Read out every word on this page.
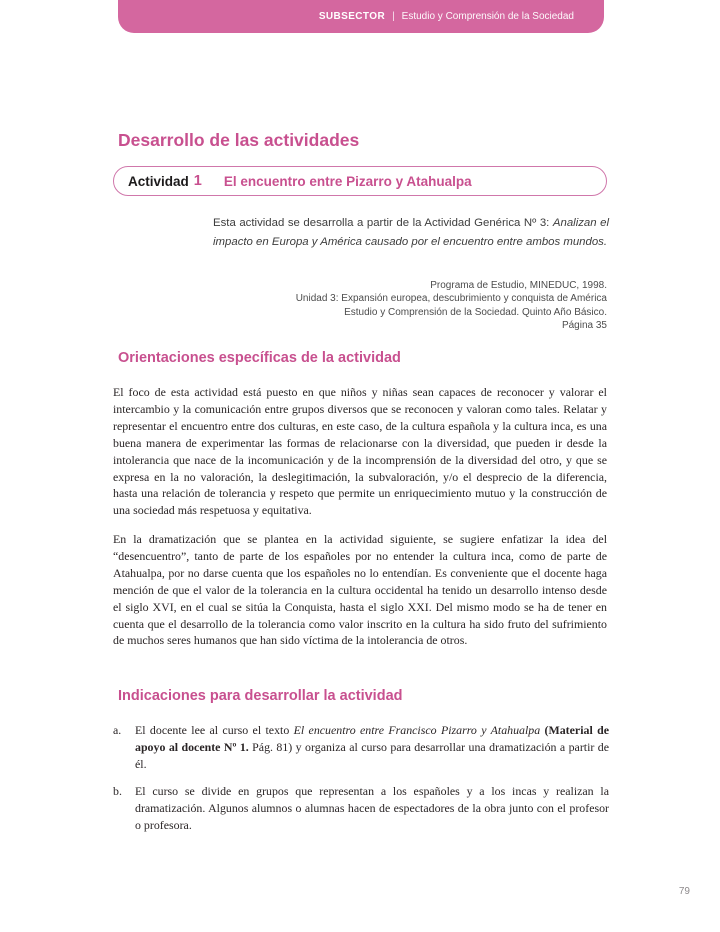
SUBSECTOR | Estudio y Comprensión de la Sociedad
Desarrollo de las actividades
Actividad 1 El encuentro entre Pizarro y Atahualpa
Esta actividad se desarrolla a partir de la Actividad Genérica Nº 3: Analizan el impacto en Europa y América causado por el encuentro entre ambos mundos.
Programa de Estudio, MINEDUC, 1998.
Unidad 3: Expansión europea, descubrimiento y conquista de América
Estudio y Comprensión de la Sociedad. Quinto Año Básico.
Página 35
Orientaciones específicas de la actividad
El foco de esta actividad está puesto en que niños y niñas sean capaces de reconocer y valorar el intercambio y la comunicación entre grupos diversos que se reconocen y valoran como tales. Relatar y representar el encuentro entre dos culturas, en este caso, de la cultura española y la cultura inca, es una buena manera de experimentar las formas de relacionarse con la diversidad, que pueden ir desde la intolerancia que nace de la incomunicación y de la incomprensión de la diversidad del otro, y que se expresa en la no valoración, la deslegitimación, la subvaloración, y/o el desprecio de la diferencia, hasta una relación de tolerancia y respeto que permite un enriquecimiento mutuo y la construcción de una sociedad más respetuosa y equitativa.
En la dramatización que se plantea en la actividad siguiente, se sugiere enfatizar la idea del “desencuentro”, tanto de parte de los españoles por no entender la cultura inca, como de parte de Atahualpa, por no darse cuenta que los españoles no lo entendían. Es conveniente que el docente haga mención de que el valor de la tolerancia en la cultura occidental ha tenido un desarrollo intenso desde el siglo XVI, en el cual se sitúa la Conquista, hasta el siglo XXI. Del mismo modo se ha de tener en cuenta que el desarrollo de la tolerancia como valor inscrito en la cultura ha sido fruto del sufrimiento de muchos seres humanos que han sido víctima de la intolerancia de otros.
Indicaciones para desarrollar la actividad
a.	El docente lee al curso el texto El encuentro entre Francisco Pizarro y Atahualpa (Material de apoyo al docente Nº 1. Pág. 81) y organiza al curso para desarrollar una dramatización a partir de él.
b.	El curso se divide en grupos que representan a los españoles y a los incas y realizan la dramatización. Algunos alumnos o alumnas hacen de espectadores de la obra junto con el profesor o profesora.
79
